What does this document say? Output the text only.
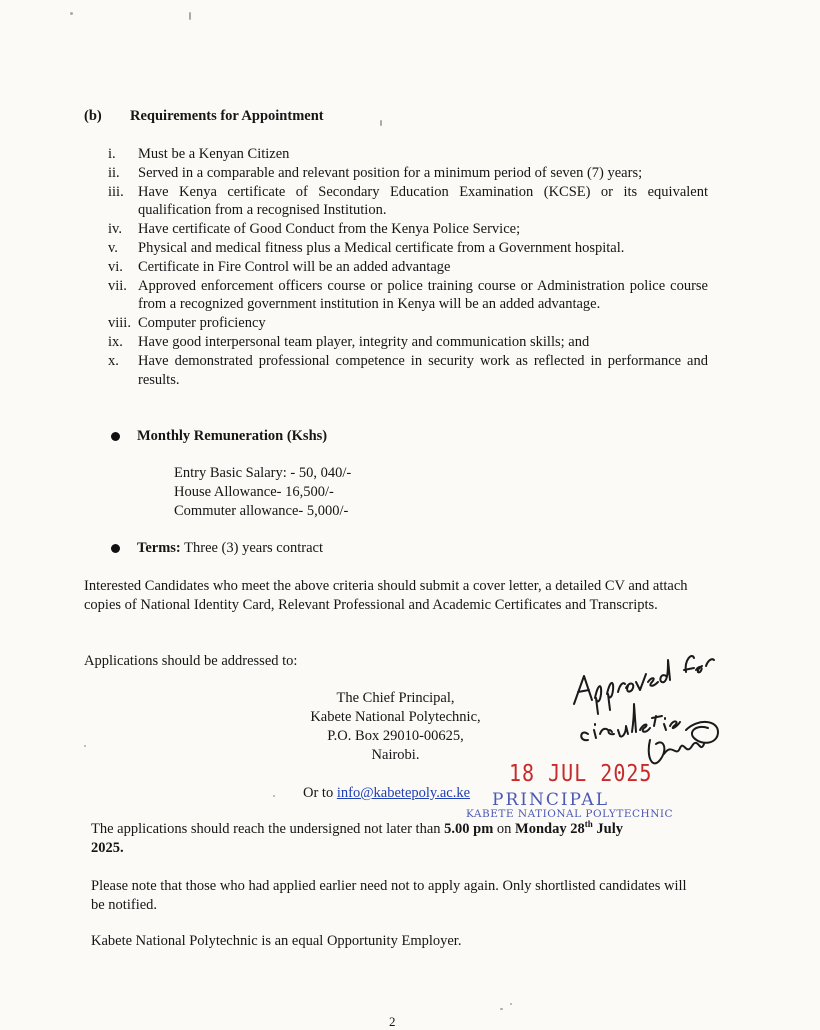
(b) Requirements for Appointment
i.	Must be a Kenyan Citizen
ii.	Served in a comparable and relevant position for a minimum period of seven (7) years;
iii. Have Kenya certificate of Secondary Education Examination (KCSE) or its equivalent qualification from a recognised Institution.
iv.	Have certificate of Good Conduct from the Kenya Police Service;
v.	Physical and medical fitness plus a Medical certificate from a Government hospital.
vi.	Certificate in Fire Control will be an added advantage
vii. Approved enforcement officers course or police training course or Administration police course from a recognized government institution in Kenya will be an added advantage.
viii. Computer proficiency
ix.	Have good interpersonal team player, integrity and communication skills; and
x.	Have demonstrated professional competence in security work as reflected in performance and results.
Monthly Remuneration (Kshs)
Entry Basic Salary: - 50, 040/-
House Allowance- 16,500/-
Commuter allowance- 5,000/-
Terms: Three (3) years contract
Interested Candidates who meet the above criteria should submit a cover letter, a detailed CV and attach copies of National Identity Card, Relevant Professional and Academic Certificates and Transcripts.
Applications should be addressed to:
The Chief Principal,
Kabete National Polytechnic,
P.O. Box 29010-00625,
Nairobi.
Or to info@kabetepoly.ac.ke
18 JUL 2025
PRINCIPAL
KABETE NATIONAL POLYTECHNIC
The applications should reach the undersigned not later than 5.00 pm on Monday 28th July
2025.
Please note that those who had applied earlier need not to apply again. Only shortlisted candidates will be notified.
Kabete National Polytechnic is an equal Opportunity Employer.
2
